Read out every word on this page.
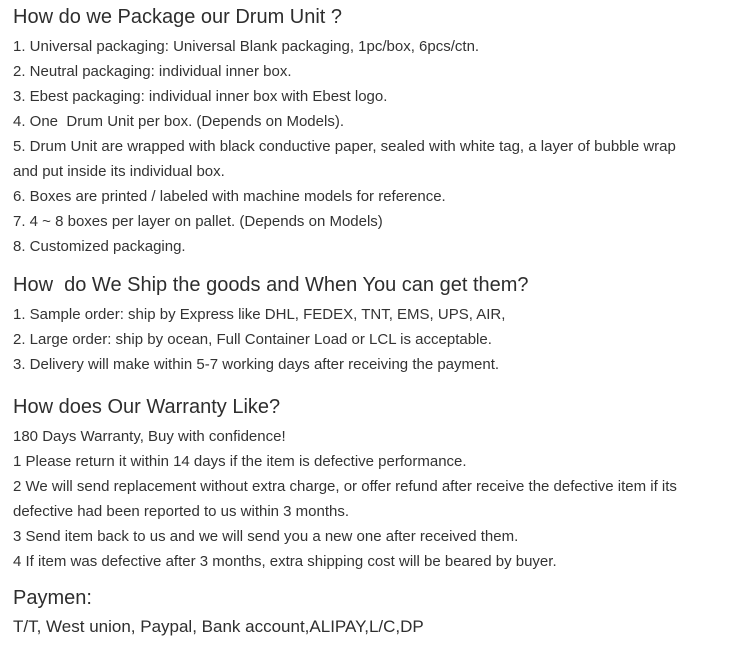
How do we Package our Drum Unit ?
1. Universal packaging: Universal Blank packaging, 1pc/box, 6pcs/ctn.
2. Neutral packaging: individual inner box.
3. Ebest packaging: individual inner box with Ebest logo.
4. One  Drum Unit per box. (Depends on Models).
5. Drum Unit are wrapped with black conductive paper, sealed with white tag, a layer of bubble wrap
and put inside its individual box.
6. Boxes are printed / labeled with machine models for reference.
7. 4 ~ 8 boxes per layer on pallet. (Depends on Models)
8. Customized packaging.
How  do We Ship the goods and When You can get them?
1. Sample order: ship by Express like DHL, FEDEX, TNT, EMS, UPS, AIR,
2. Large order: ship by ocean, Full Container Load or LCL is acceptable.
3. Delivery will make within 5-7 working days after receiving the payment.
How does Our Warranty Like?
180 Days Warranty, Buy with confidence!
1 Please return it within 14 days if the item is defective performance.
2 We will send replacement without extra charge, or offer refund after receive the defective item if its
defective had been reported to us within 3 months.
3 Send item back to us and we will send you a new one after received them.
4 If item was defective after 3 months, extra shipping cost will be beared by buyer.
Paymen:
T/T, West union, Paypal, Bank account,ALIPAY,L/C,DP
